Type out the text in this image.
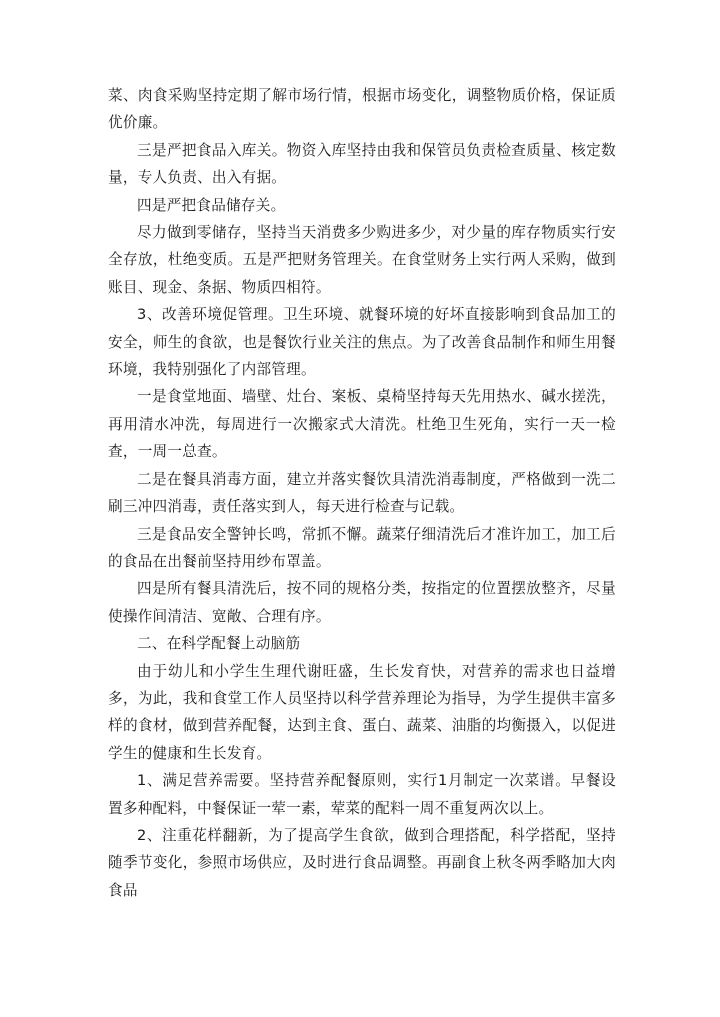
菜、肉食采购坚持定期了解市场行情，根据市场变化，调整物质价格，保证质优价廉。

三是严把食品入库关。物资入库坚持由我和保管员负责检查质量、核定数量，专人负责、出入有据。

四是严把食品储存关。

尽力做到零储存，坚持当天消费多少购进多少，对少量的库存物质实行安全存放，杜绝变质。五是严把财务管理关。在食堂财务上实行两人采购，做到账目、现金、条据、物质四相符。

3、改善环境促管理。卫生环境、就餐环境的好坏直接影响到食品加工的安全，师生的食欲，也是餐饮行业关注的焦点。为了改善食品制作和师生用餐环境，我特别强化了内部管理。

一是食堂地面、墙壁、灶台、案板、桌椅坚持每天先用热水、碱水搓洗，再用清水冲洗，每周进行一次搬家式大清洗。杜绝卫生死角，实行一天一检查，一周一总查。

二是在餐具消毒方面，建立并落实餐饮具清洗消毒制度，严格做到一洗二刷三冲四消毒，责任落实到人，每天进行检查与记载。

三是食品安全警钟长鸣，常抓不懈。蔬菜仔细清洗后才准许加工，加工后的食品在出餐前坚持用纱布罩盖。

四是所有餐具清洗后，按不同的规格分类，按指定的位置摆放整齐，尽量使操作间清洁、宽敞、合理有序。

二、在科学配餐上动脑筋

由于幼儿和小学生生理代谢旺盛，生长发育快，对营养的需求也日益增多，为此，我和食堂工作人员坚持以科学营养理论为指导，为学生提供丰富多样的食材，做到营养配餐，达到主食、蛋白、蔬菜、油脂的均衡摄入，以促进学生的健康和生长发育。

1、满足营养需要。坚持营养配餐原则，实行1月制定一次菜谱。早餐设置多种配料，中餐保证一荤一素，荤菜的配料一周不重复两次以上。

2、注重花样翻新，为了提高学生食欲，做到合理搭配，科学搭配，坚持随季节变化，参照市场供应，及时进行食品调整。再副食上秋冬两季略加大肉食品
